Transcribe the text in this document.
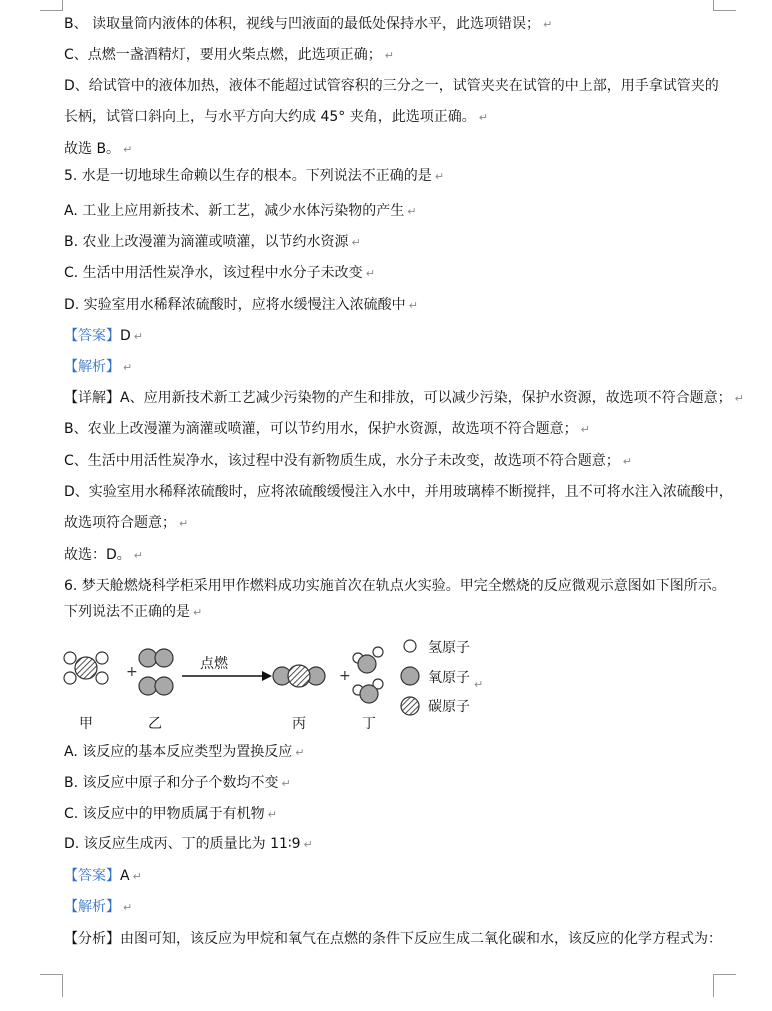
B、 读取量筒内液体的体积，视线与凹液面的最低处保持水平，此选项错误； ↵
C、点燃一盏酒精灯，要用火柴点燃，此选项正确； ↵
D、给试管中的液体加热，液体不能超过试管容积的三分之一，试管夹夹在试管的中上部，用手拿试管夹的
长柄，试管口斜向上，与水平方向大约成 45° 夹角，此选项正确。 ↵
故选 B。 ↵
5. 水是一切地球生命赖以生存的根本。下列说法不正确的是 ↵
A. 工业上应用新技术、新工艺，减少水体污染物的产生 ↵
B. 农业上改漫灌为滴灌或喷灌，以节约水资源 ↵
C. 生活中用活性炭净水，该过程中水分子未改变 ↵
D. 实验室用水稀释浓硫酸时，应将水缓慢注入浓硫酸中 ↵
【答案】D ↵
【解析】 ↵
【详解】A、应用新技术新工艺减少污染物的产生和排放，可以减少污染，保护水资源，故选项不符合题意； ↵
B、农业上改漫灌为滴灌或喷灌，可以节约用水，保护水资源，故选项不符合题意； ↵
C、生活中用活性炭净水，该过程中没有新物质生成，水分子未改变，故选项不符合题意； ↵
D、实验室用水稀释浓硫酸时，应将浓硫酸缓慢注入水中，并用玻璃棒不断搅拌，且不可将水注入浓硫酸中，
故选项符合题意； ↵
故选：D。 ↵
6. 梦天舱燃烧科学柜采用甲作燃料成功实施首次在轨点火实验。甲完全燃烧的反应微观示意图如下图所示。
下列说法不正确的是 ↵
A. 该反应的基本反应类型为置换反应 ↵
B. 该反应中原子和分子个数均不变 ↵
C. 该反应中的甲物质属于有机物 ↵
D. 该反应生成丙、丁的质量比为 11∶9 ↵
【答案】A ↵
【解析】 ↵
【分析】由图可知，该反应为甲烷和氧气在点燃的条件下反应生成二氧化碳和水，该反应的化学方程式为：
+	点燃
+
氢原子
氧原子 ↵
碳原子
甲	乙	丙	丁
